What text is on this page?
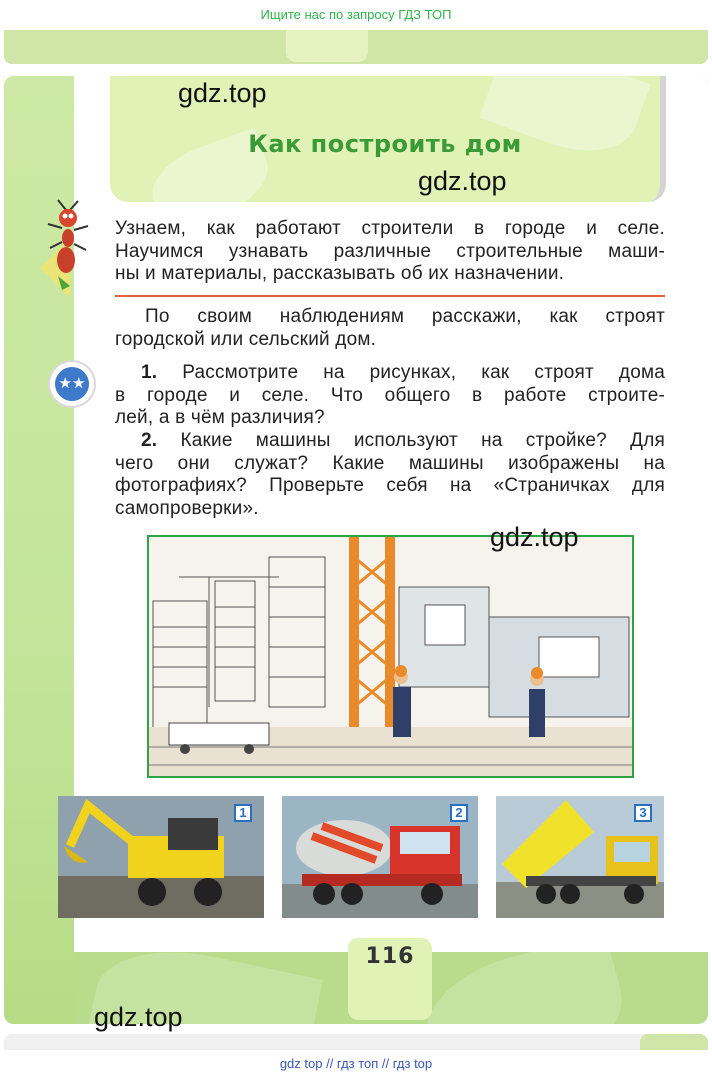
Ищите нас по запросу ГДЗ ТОП
Как построить дом
gdz.top
gdz.top
Узнаем, как работают строители в городе и селе.
Научимся узнавать различные строительные маши-
ны и материалы, рассказывать об их назначении.
По своим наблюдениям расскажи, как строят
городской или сельский дом.
★★
1. Рассмотрите на рисунках, как строят дома
в городе и селе. Что общего в работе строите-
лей, а в чём различия?
2. Какие машины используют на стройке? Для
чего они служат? Какие машины изображены на
фотографиях? Проверьте себя на «Страничках для
самопроверки».
gdz.top
1	2	3
116
gdz.top
gdz top // гдз топ // гдз top
